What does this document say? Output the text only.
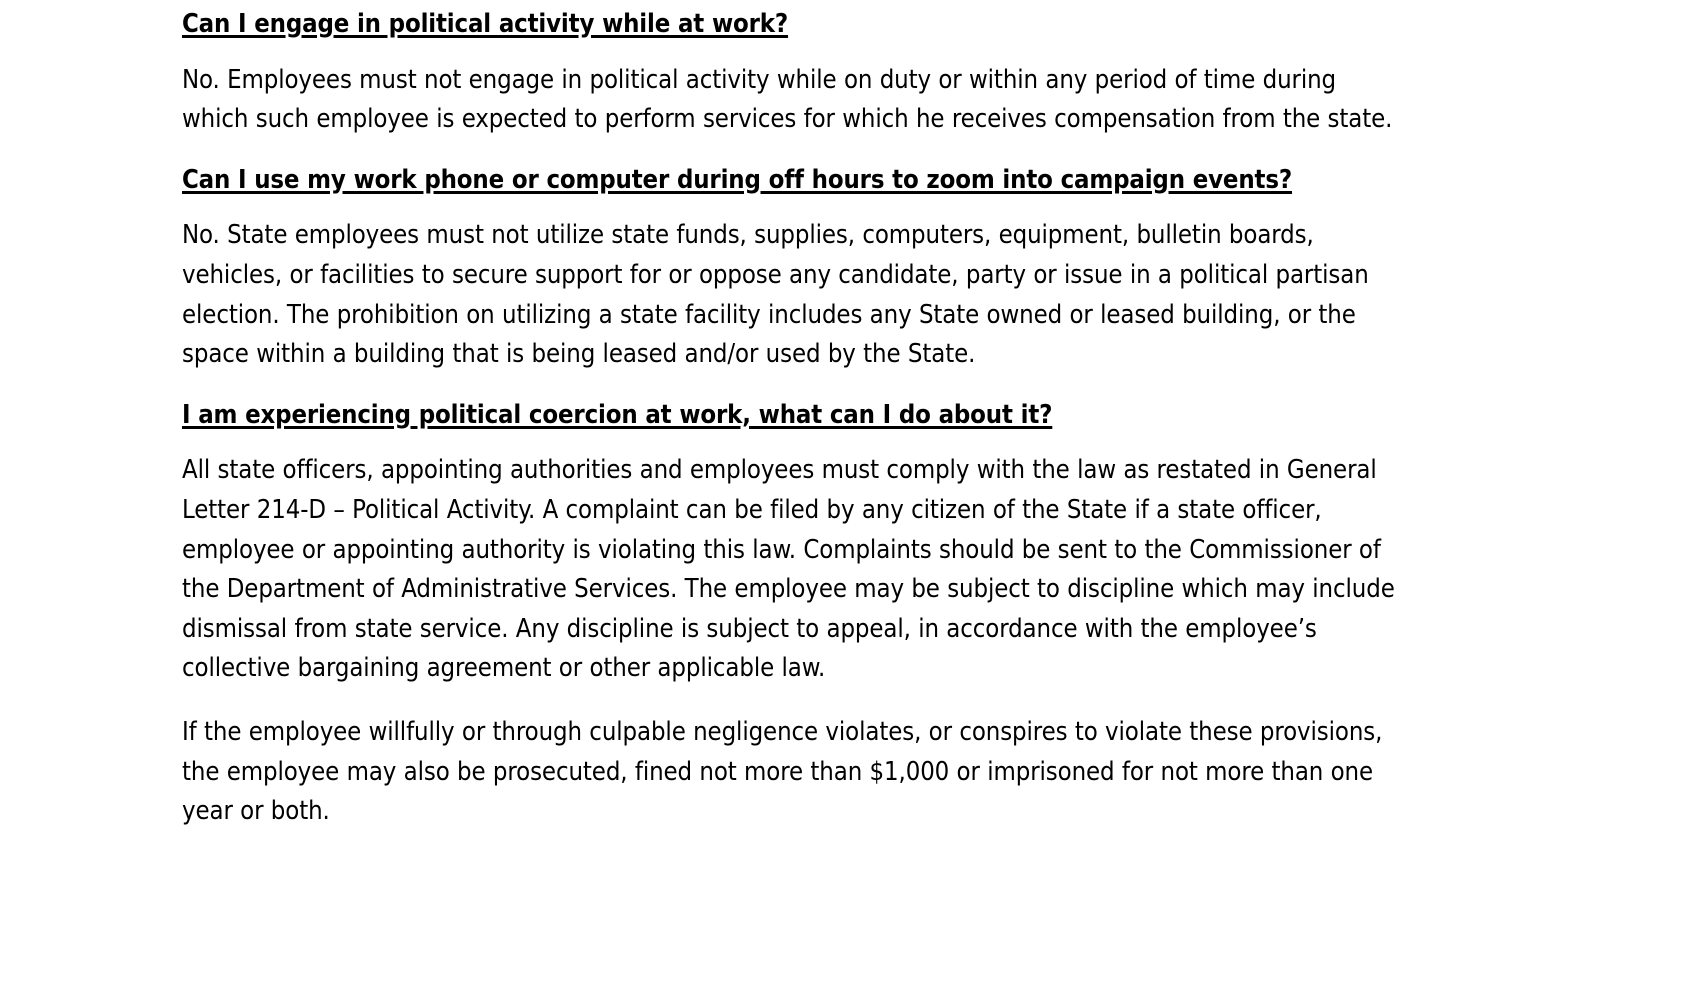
Can I engage in political activity while at work?

No. Employees must not engage in political activity while on duty or within any period of time during which such employee is expected to perform services for which he receives compensation from the state.

Can I use my work phone or computer during off hours to zoom into campaign events?

No. State employees must not utilize state funds, supplies, computers, equipment, bulletin boards, vehicles, or facilities to secure support for or oppose any candidate, party or issue in a political partisan election. The prohibition on utilizing a state facility includes any State owned or leased building, or the space within a building that is being leased and/or used by the State.

I am experiencing political coercion at work, what can I do about it?

All state officers, appointing authorities and employees must comply with the law as restated in General Letter 214-D – Political Activity. A complaint can be filed by any citizen of the State if a state officer, employee or appointing authority is violating this law. Complaints should be sent to the Commissioner of the Department of Administrative Services. The employee may be subject to discipline which may include dismissal from state service. Any discipline is subject to appeal, in accordance with the employee’s collective bargaining agreement or other applicable law.

If the employee willfully or through culpable negligence violates, or conspires to violate these provisions, the employee may also be prosecuted, fined not more than $1,000 or imprisoned for not more than one year or both.
